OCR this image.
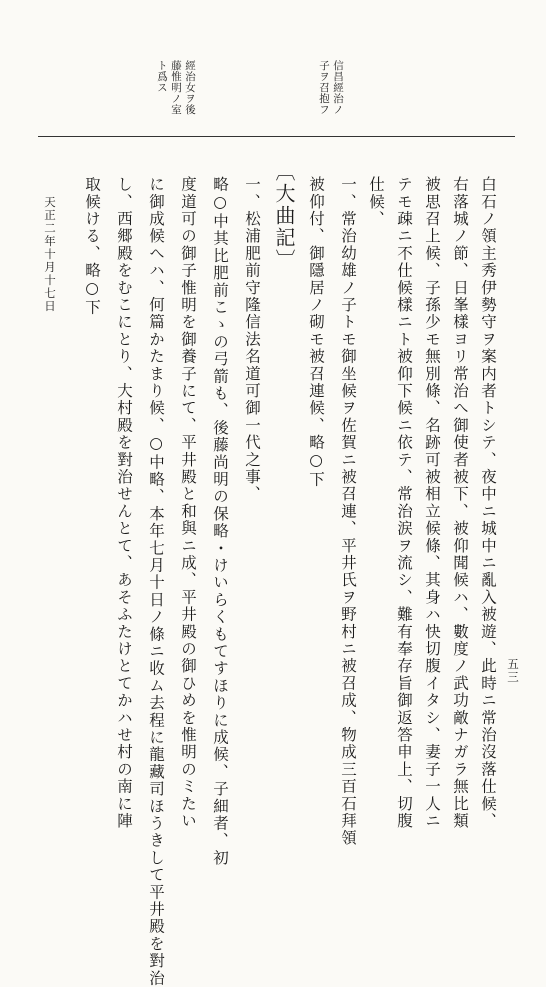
信昌經治ノ
子ヲ召抱フ
經治女ヲ後
藤惟明ノ室
ト爲ス
白石ノ領主秀伊勢守ヲ案内者トシテ、夜中ニ城中ニ亂入被遊、此時ニ常治沒落仕候、
右落城ノ節、日峯樣ヨリ常治へ御使者被下、被仰聞候ハ、數度ノ武功敵ナガラ無比類
被思召上候、子孫少モ無別條、名跡可被相立候條、其身ハ快切腹イタシ、妻子一人ニ
テモ疎ニ不仕候樣ニト被仰下候ニ依テ、常治涙ヲ流シ、難有奉存旨御返答申上、切腹
仕候、
一、常治幼雄ノ子トモ御坐候ヲ佐賀ニ被召連、平井氏ヲ野村ニ被召成、物成三百石拜領
被仰付、御隱居ノ砌モ被召連候、略○下
〔大曲記〕
一、松浦肥前守隆信法名道可御一代之事、
略○中其比肥前こゝの弓箭も、後藤尚明の保略・けいらくもてすほりに成候、子細者、初
度道可の御子惟明を御養子にて、平井殿と和與ニ成、平井殿の御ひめを惟明のミたい
に御成候へハ、何篇かたまり候、○中略、本年七月十日ノ條ニ收ム去程に龍藏司ほうきして平井殿を對治
し、西郷殿をむこにとり、大村殿を對治せんとて、あそふたけとてかハせ村の南に陣
取候ける、略○下
天正二年十月十七日
五三
